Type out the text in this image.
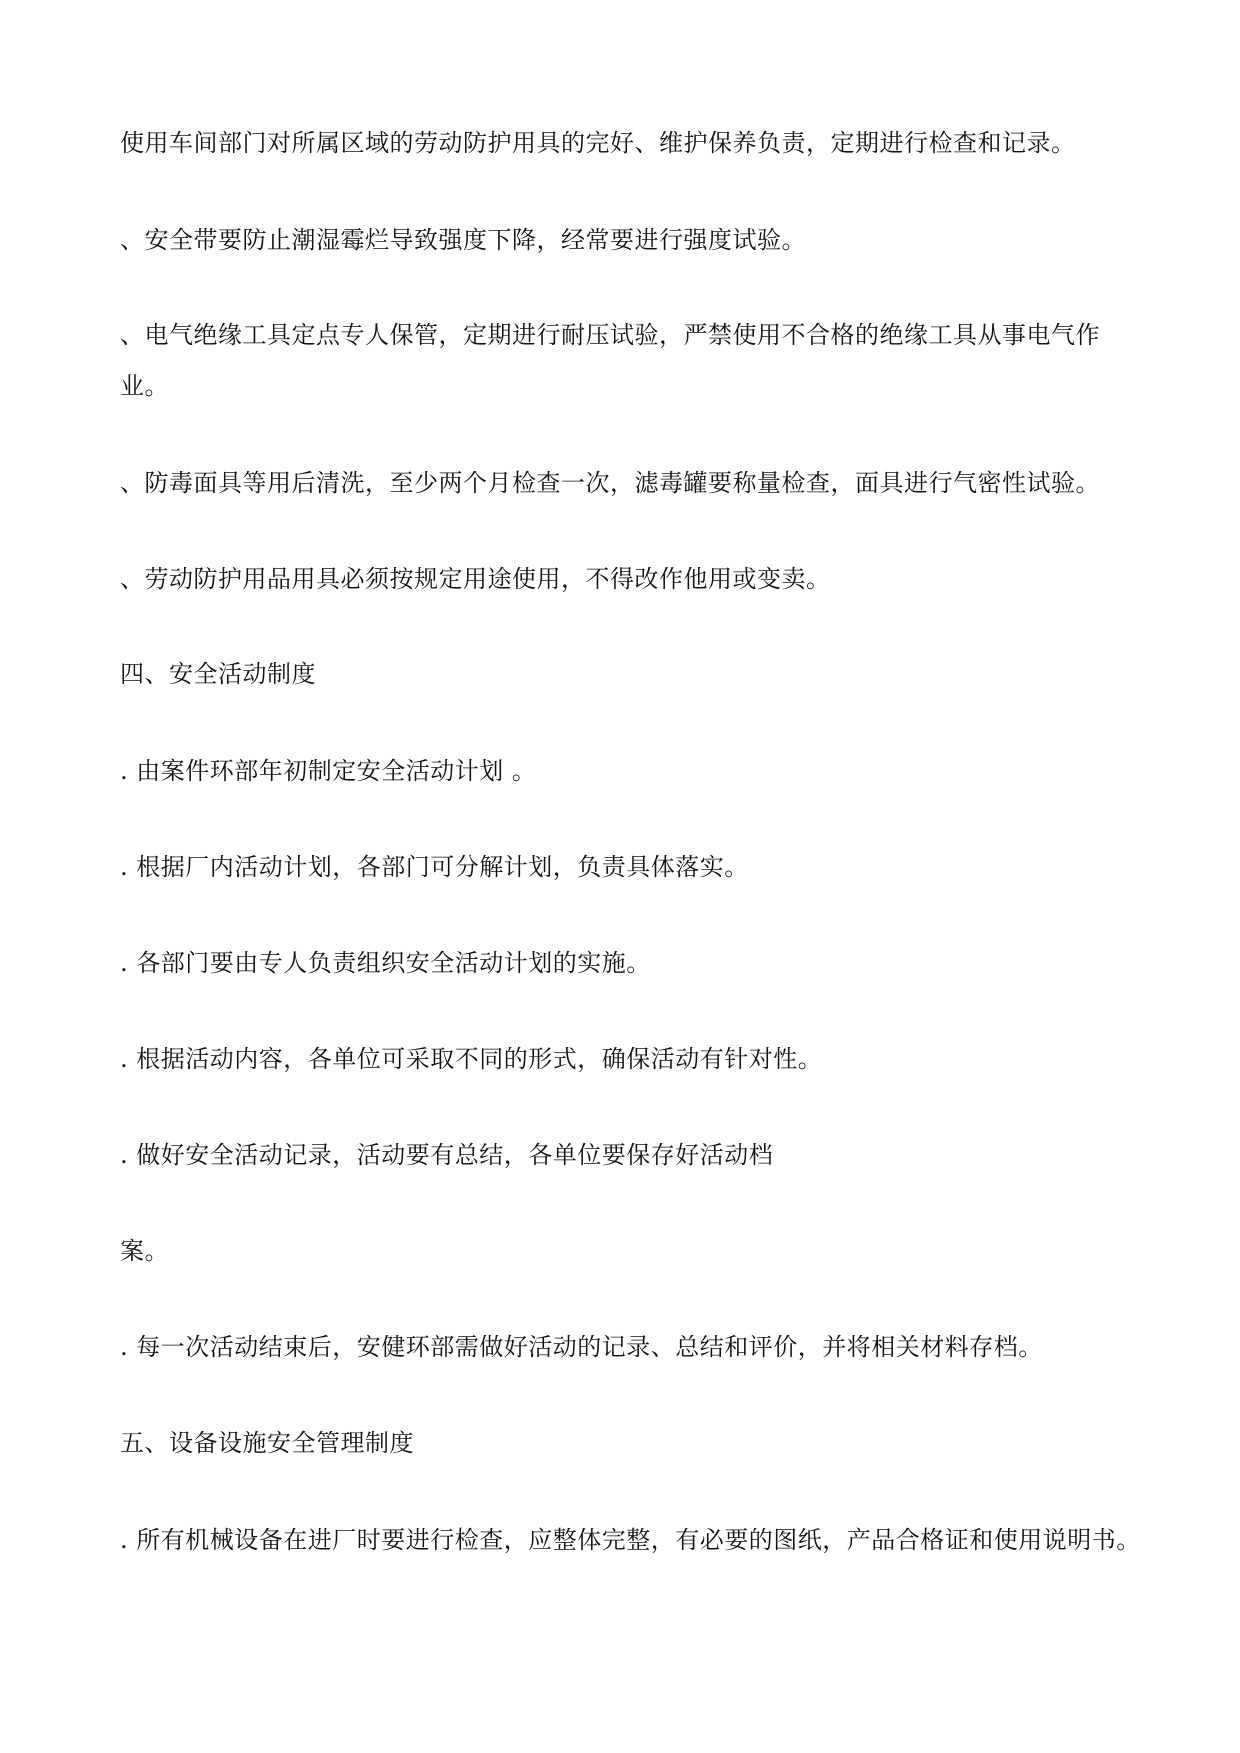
使用车间部门对所属区域的劳动防护用具的完好、维护保养负责，定期进行检查和记录。
、安全带要防止潮湿霉烂导致强度下降，经常要进行强度试验。
、电气绝缘工具定点专人保管，定期进行耐压试验，严禁使用不合格的绝缘工具从事电气作
业。
、防毒面具等用后清洗，至少两个月检查一次，滤毒罐要称量检查，面具进行气密性试验。
、劳动防护用品用具必须按规定用途使用，不得改作他用或变卖。
四、安全活动制度
. 由案件环部年初制定安全活动计划 。
. 根据厂内活动计划，各部门可分解计划，负责具体落实。
. 各部门要由专人负责组织安全活动计划的实施。
. 根据活动内容，各单位可采取不同的形式，确保活动有针对性。
. 做好安全活动记录，活动要有总结，各单位要保存好活动档
案。
. 每一次活动结束后，安健环部需做好活动的记录、总结和评价，并将相关材料存档。
五、设备设施安全管理制度
. 所有机械设备在进厂时要进行检查，应整体完整，有必要的图纸，产品合格证和使用说明书。
